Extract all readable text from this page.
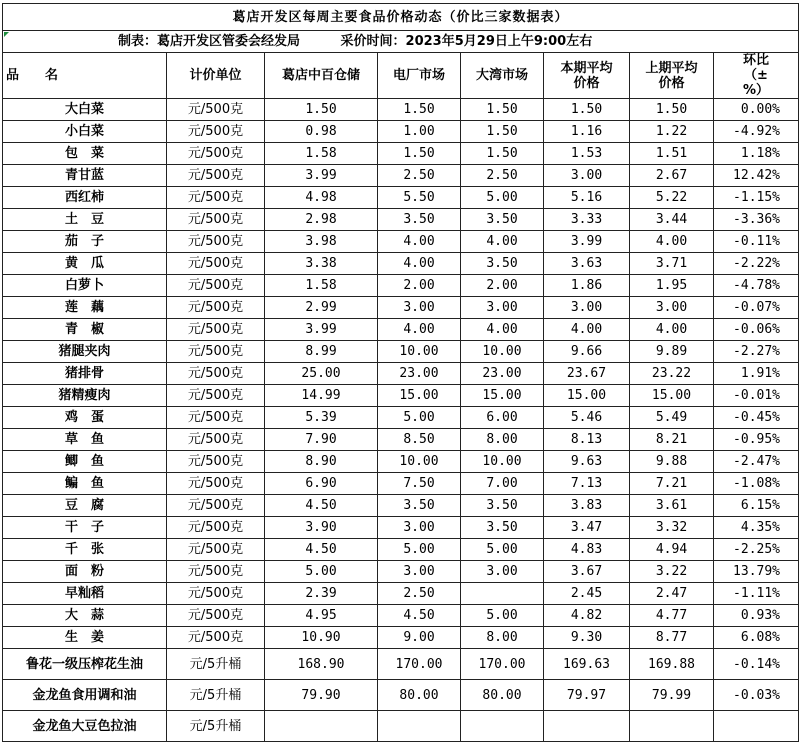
葛店开发区每周主要食品价格动态（价比三家数据表）							

制表：葛店开发区管委会经发局 采价时间：2023年5月29日上午9:00左右							
品　　名	计价单位	葛店中百仓储	电厂市场	大湾市场	本期平均价格	上期平均价格	环比（±%）
大白菜	元/500克	1.50	1.50	1.50	1.50	1.50	0.00%
小白菜	元/500克	0.98	1.00	1.50	1.16	1.22	-4.92%
包　菜	元/500克	1.58	1.50	1.50	1.53	1.51	1.18%
青甘蓝	元/500克	3.99	2.50	2.50	3.00	2.67	12.42%
西红柿	元/500克	4.98	5.50	5.00	5.16	5.22	-1.15%
土　豆	元/500克	2.98	3.50	3.50	3.33	3.44	-3.36%
茄　子	元/500克	3.98	4.00	4.00	3.99	4.00	-0.11%
黄　瓜	元/500克	3.38	4.00	3.50	3.63	3.71	-2.22%
白萝卜	元/500克	1.58	2.00	2.00	1.86	1.95	-4.78%
莲　藕	元/500克	2.99	3.00	3.00	3.00	3.00	-0.07%
青　椒	元/500克	3.99	4.00	4.00	4.00	4.00	-0.06%
猪腿夹肉	元/500克	8.99	10.00	10.00	9.66	9.89	-2.27%
猪排骨	元/500克	25.00	23.00	23.00	23.67	23.22	1.91%
猪精瘦肉	元/500克	14.99	15.00	15.00	15.00	15.00	-0.01%
鸡　蛋	元/500克	5.39	5.00	6.00	5.46	5.49	-0.45%
草　鱼	元/500克	7.90	8.50	8.00	8.13	8.21	-0.95%
鲫　鱼	元/500克	8.90	10.00	10.00	9.63	9.88	-2.47%
鳊　鱼	元/500克	6.90	7.50	7.00	7.13	7.21	-1.08%
豆　腐	元/500克	4.50	3.50	3.50	3.83	3.61	6.15%
干　子	元/500克	3.90	3.00	3.50	3.47	3.32	4.35%
千　张	元/500克	4.50	5.00	5.00	4.83	4.94	-2.25%
面　粉	元/500克	5.00	3.00	3.00	3.67	3.22	13.79%
早籼稻	元/500克	2.39	2.50		2.45	2.47	-1.11%
大　蒜	元/500克	4.95	4.50	5.00	4.82	4.77	0.93%
生　姜	元/500克	10.90	9.00	8.00	9.30	8.77	6.08%
鲁花一级压榨花生油	元/5升桶	168.90	170.00	170.00	169.63	169.88	-0.14%
金龙鱼食用调和油	元/5升桶	79.90	80.00	80.00	79.97	79.99	-0.03%
金龙鱼大豆色拉油	元/5升桶						
